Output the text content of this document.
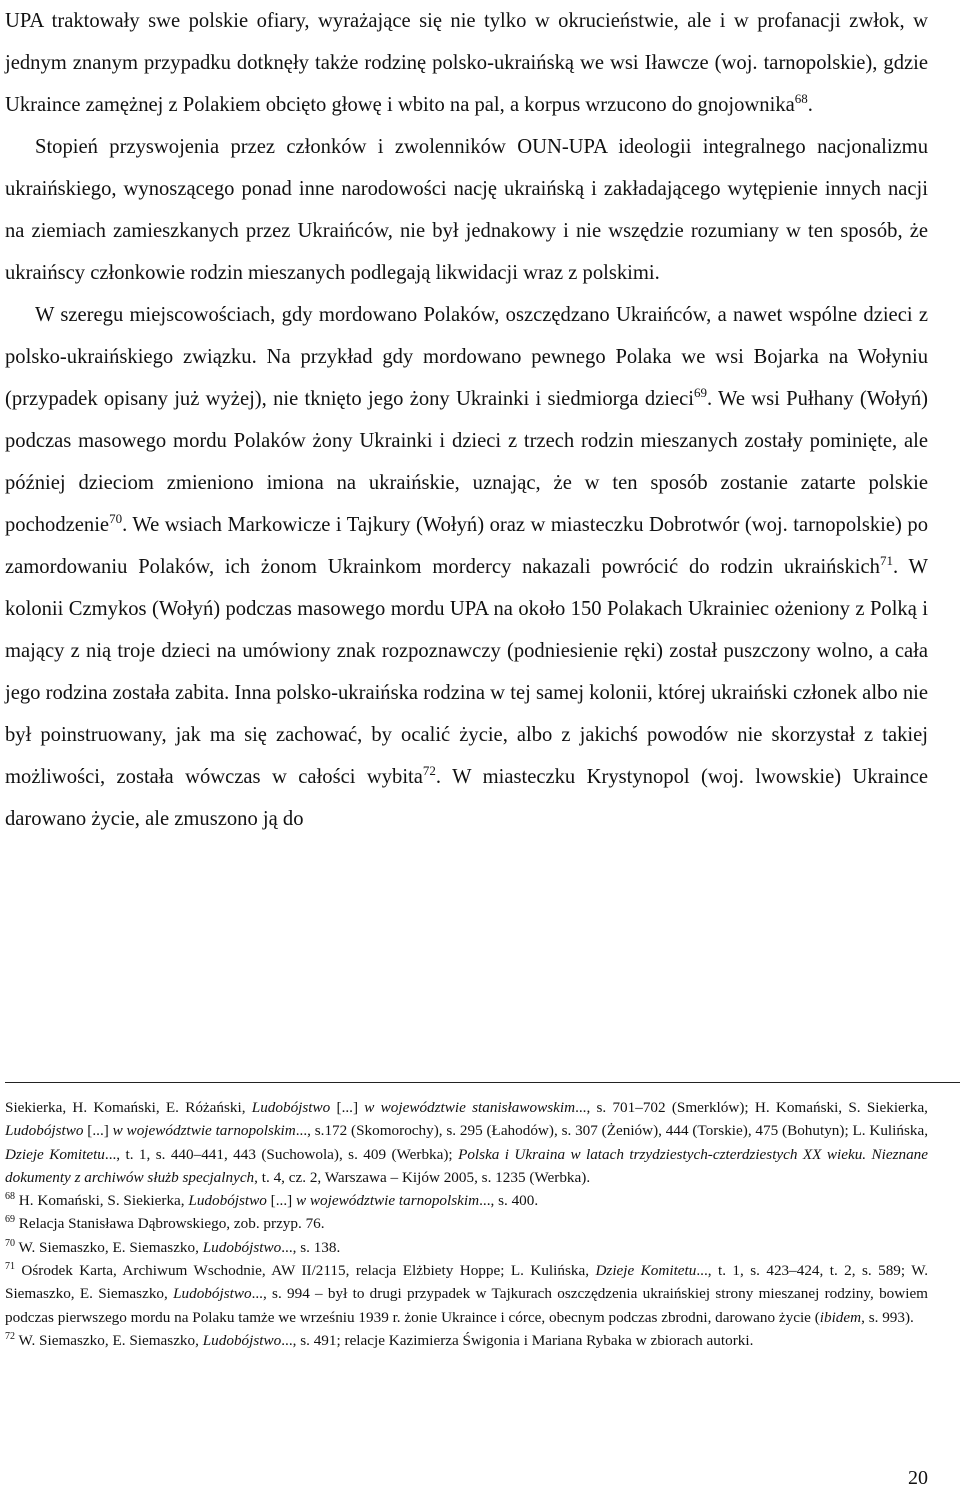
UPA traktowały swe polskie ofiary, wyrażające się nie tylko w okrucieństwie, ale i w profanacji zwłok, w jednym znanym przypadku dotknęły także rodzinę polsko-ukraińską we wsi Iławcze (woj. tarnopolskie), gdzie Ukraince zamężnej z Polakiem obcięto głowę i wbito na pal, a korpus wrzucono do gnojownika$^{68}$.

Stopień przyswojenia przez członków i zwolenników OUN-UPA ideologii integralnego nacjonalizmu ukraińskiego, wynoszącego ponad inne narodowości nację ukraińską i zakładającego wytępienie innych nacji na ziemiach zamieszkanych przez Ukraińców, nie był jednakowy i nie wszędzie rozumiany w ten sposób, że ukraińscy członkowie rodzin mieszanych podlegają likwidacji wraz z polskimi.

W szeregu miejscowościach, gdy mordowano Polaków, oszczędzano Ukraińców, a nawet wspólne dzieci z polsko-ukraińskiego związku. Na przykład gdy mordowano pewnego Polaka we wsi Bojarka na Wołyniu (przypadek opisany już wyżej), nie tknięto jego żony Ukrainki i siedmiorga dzieci$^{69}$. We wsi Pułhany (Wołyń) podczas masowego mordu Polaków żony Ukrainki i dzieci z trzech rodzin mieszanych zostały pominięte, ale później dzieciom zmieniono imiona na ukraińskie, uznając, że w ten sposób zostanie zatarte polskie pochodzenie$^{70}$. We wsiach Markowicze i Tajkury (Wołyń) oraz w miasteczku Dobrotwór (woj. tarnopolskie) po zamordowaniu Polaków, ich żonom Ukrainkom mordercy nakazali powrócić do rodzin ukraińskich$^{71}$. W kolonii Czmykos (Wołyń) podczas masowego mordu UPA na około 150 Polakach Ukrainiec ożeniony z Polką i mający z nią troje dzieci na umówiony znak rozpoznawczy (podniesienie ręki) został puszczony wolno, a cała jego rodzina została zabita. Inna polsko-ukraińska rodzina w tej samej kolonii, której ukraiński członek albo nie był poinstruowany, jak ma się zachować, by ocalić życie, albo z jakichś powodów nie skorzystał z takiej możliwości, została wówczas w całości wybita$^{72}$. W miasteczku Krystynopol (woj. lwowskie) Ukraince darowano życie, ale zmuszono ją do

Siekierka, H. Komański, E. Różański, Ludobójstwo [...] w województwie stanisławowskim..., s. 701–702 (Smerklów); H. Komański, S. Siekierka, Ludobójstwo [...] w województwie tarnopolskim..., s.172 (Skomorochy), s. 295 (Łahodów), s. 307 (Żeniów), 444 (Torskie), 475 (Bohutyn); L. Kulińska, Dzieje Komitetu..., t. 1, s. 440–441, 443 (Suchowola), s. 409 (Werbka); Polska i Ukraina w latach trzydziestych-czterdziestych XX wieku. Nieznane dokumenty z archiwów służb specjalnych, t. 4, cz. 2, Warszawa – Kijów 2005, s. 1235 (Werbka).

$^{68}$ H. Komański, S. Siekierka, Ludobójstwo [...] w województwie tarnopolskim..., s. 400.

$^{69}$ Relacja Stanisława Dąbrowskiego, zob. przyp. 76.

$^{70}$ W. Siemaszko, E. Siemaszko, Ludobójstwo..., s. 138.

$^{71}$ Ośrodek Karta, Archiwum Wschodnie, AW II/2115, relacja Elżbiety Hoppe; L. Kulińska, Dzieje Komitetu..., t. 1, s. 423–424, t. 2, s. 589; W. Siemaszko, E. Siemaszko, Ludobójstwo..., s. 994 – był to drugi przypadek w Tajkurach oszczędzenia ukraińskiej strony mieszanej rodziny, bowiem podczas pierwszego mordu na Polaku tamże we wrześniu 1939 r. żonie Ukraince i córce, obecnym podczas zbrodni, darowano życie (ibidem, s. 993).

$^{72}$ W. Siemaszko, E. Siemaszko, Ludobójstwo..., s. 491; relacje Kazimierza Świgonia i Mariana Rybaka w zbiorach autorki.

20
